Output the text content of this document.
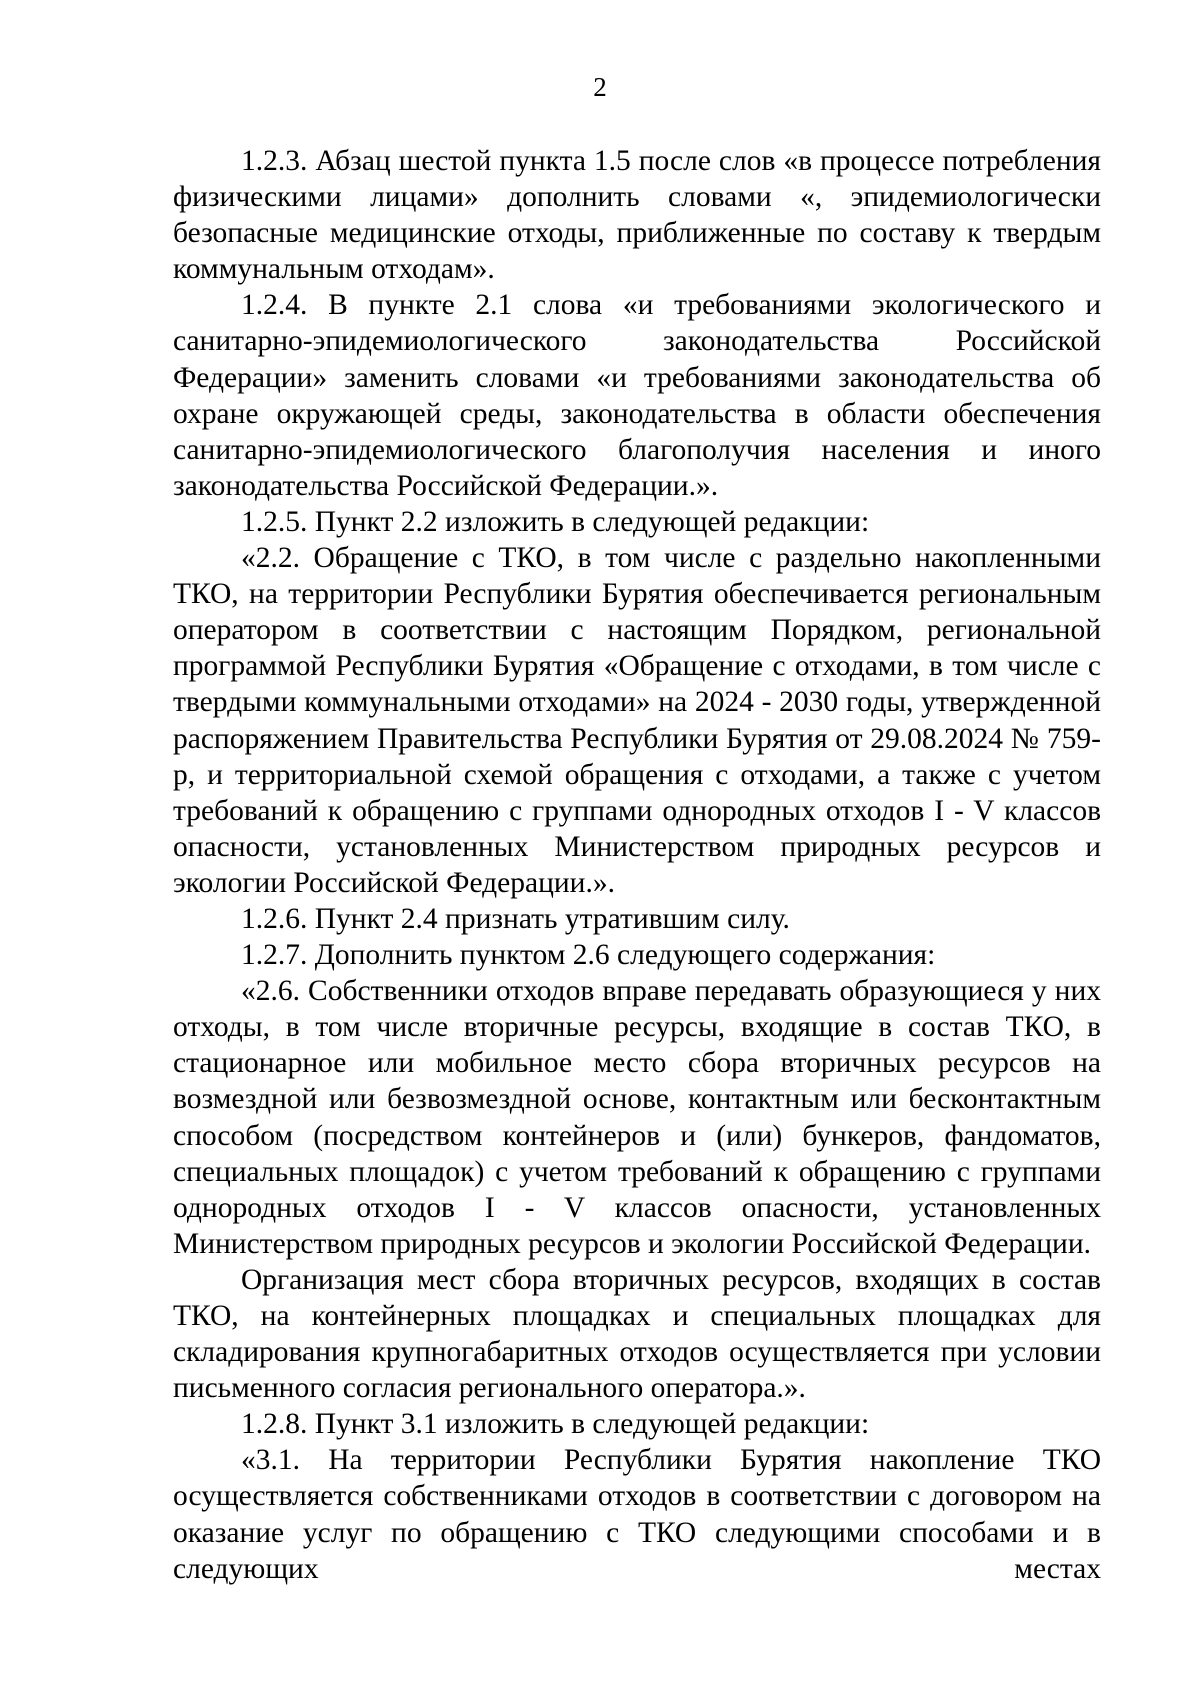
2

1.2.3. Абзац шестой пункта 1.5 после слов «в процессе потребления физическими лицами» дополнить словами «, эпидемиологически безопасные медицинские отходы, приближенные по составу к твердым коммунальным отходам».

1.2.4. В пункте 2.1 слова «и требованиями экологического и санитарно-эпидемиологического законодательства Российской Федерации» заменить словами «и требованиями законодательства об охране окружающей среды, законодательства в области обеспечения санитарно-эпидемиологического благополучия населения и иного законодательства Российской Федерации.».

1.2.5. Пункт 2.2 изложить в следующей редакции:

«2.2. Обращение с ТКО, в том числе с раздельно накопленными ТКО, на территории Республики Бурятия обеспечивается региональным оператором в соответствии с настоящим Порядком, региональной программой Республики Бурятия «Обращение с отходами, в том числе с твердыми коммунальными отходами» на 2024 - 2030 годы, утвержденной распоряжением Правительства Республики Бурятия от 29.08.2024 № 759-р, и территориальной схемой обращения с отходами, а также с учетом требований к обращению с группами однородных отходов I - V классов опасности, установленных Министерством природных ресурсов и экологии Российской Федерации.».

1.2.6. Пункт 2.4 признать утратившим силу.

1.2.7. Дополнить пунктом 2.6 следующего содержания:

«2.6. Собственники отходов вправе передавать образующиеся у них отходы, в том числе вторичные ресурсы, входящие в состав ТКО, в стационарное или мобильное место сбора вторичных ресурсов на возмездной или безвозмездной основе, контактным или бесконтактным способом (посредством контейнеров и (или) бункеров, фандоматов, специальных площадок) с учетом требований к обращению с группами однородных отходов I - V классов опасности, установленных Министерством природных ресурсов и экологии Российской Федерации.

Организация мест сбора вторичных ресурсов, входящих в состав ТКО, на контейнерных площадках и специальных площадках для складирования крупногабаритных отходов осуществляется при условии письменного согласия регионального оператора.».

1.2.8. Пункт 3.1 изложить в следующей редакции:

«3.1. На территории Республики Бурятия накопление ТКО осуществляется собственниками отходов в соответствии с договором на оказание услуг по обращению с ТКО следующими способами и в следующих местах
